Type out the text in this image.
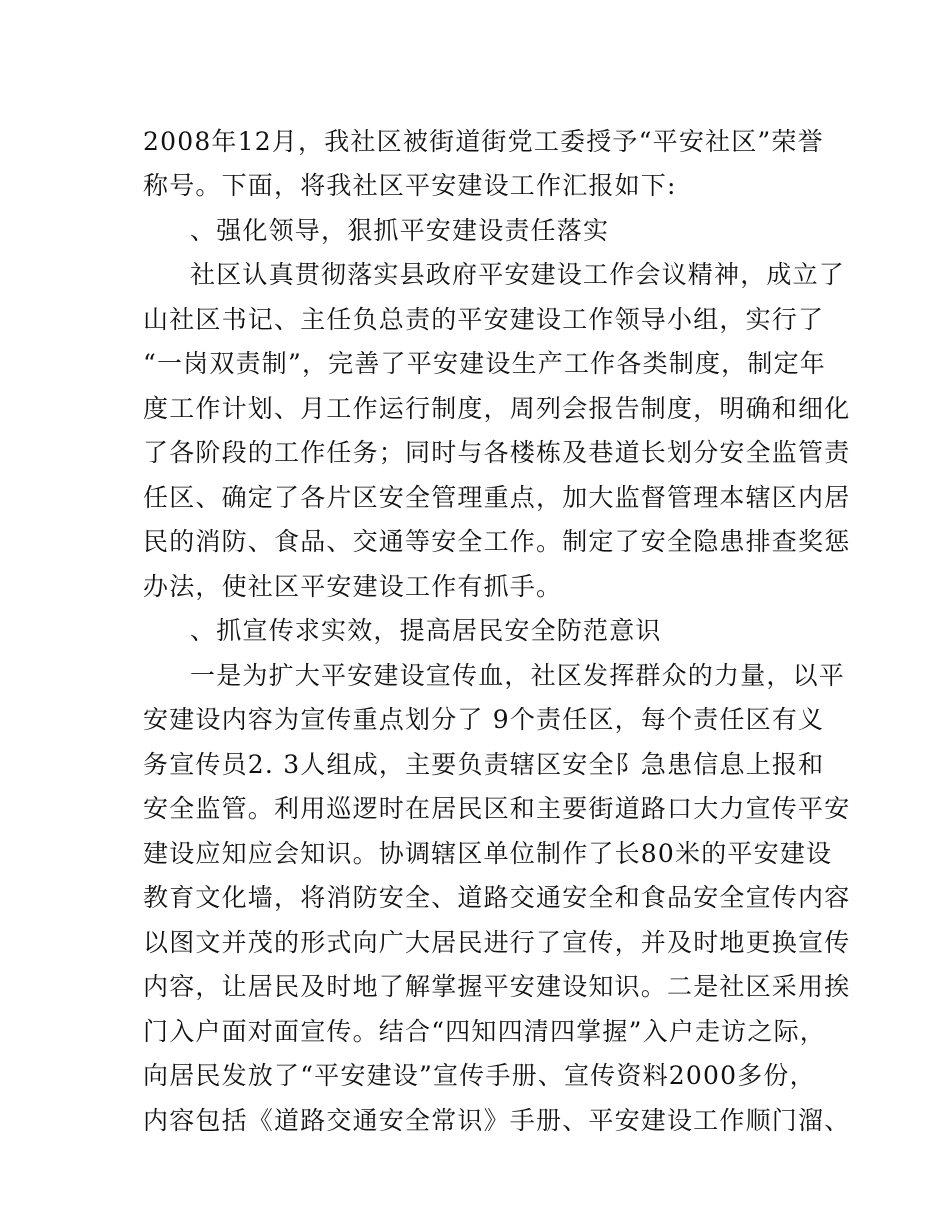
2008年12月，我社区被街道街党工委授予“平安社区”荣誉
称号。下面，将我社区平安建设工作汇报如下:
、强化领导，狠抓平安建设责任落实
社区认真贯彻落实县政府平安建设工作会议精神，成立了
山社区书记、主任负总责的平安建设工作领导小组，实行了
“一岗双责制”，完善了平安建设生产工作各类制度，制定年
度工作计划、月工作运行制度，周列会报告制度，明确和细化
了各阶段的工作任务；同时与各楼栋及巷道长划分安全监管责
任区、确定了各片区安全管理重点，加大监督管理本辖区内居
民的消防、食品、交通等安全工作。制定了安全隐患排查奖惩
办法，使社区平安建设工作有抓手。
、抓宣传求实效，提高居民安全防范意识
一是为扩大平安建设宣传血，社区发挥群众的力量，以平
安建设内容为宣传重点划分了 9个责任区，每个责任区有义
务宣传员2. 3人组成，主要负责辖区安全阝急患信息上报和
安全监管。利用巡逻时在居民区和主要街道路口大力宣传平安
建设应知应会知识。协调辖区单位制作了长80米的平安建设
教育文化墙，将消防安全、道路交通安全和食品安全宣传内容
以图文并茂的形式向广大居民进行了宣传，并及时地更换宣传
内容，让居民及时地了解掌握平安建设知识。二是社区采用挨
门入户面对面宣传。结合“四知四清四掌握”入户走访之际，
向居民发放了“平安建设”宣传手册、宣传资料2000多份，
内容包括《道路交通安全常识》手册、平安建设工作顺门溜、
